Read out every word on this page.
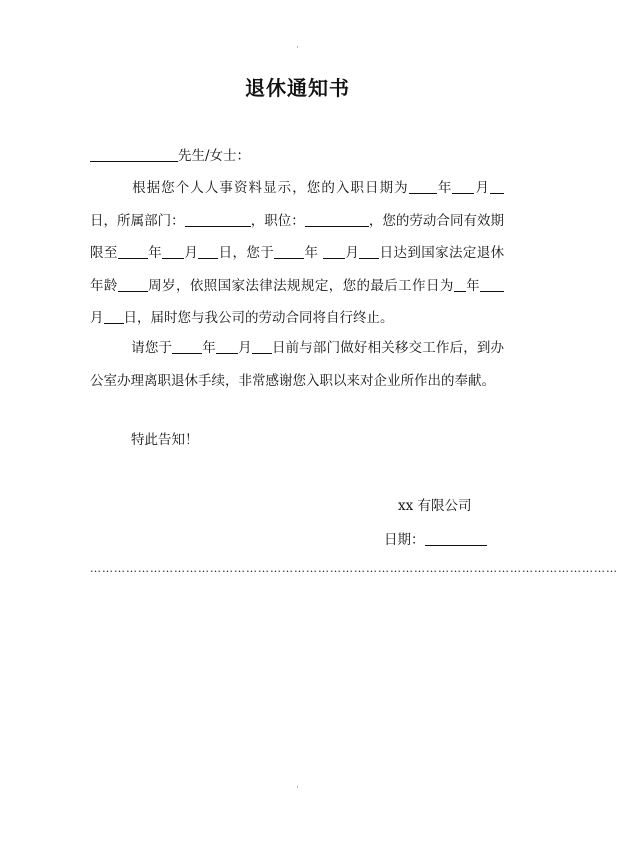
·
退休通知书
先生/女士：
根据您个人人事资料显示，您的入职日期为 年 月日，所属部门：	，职位：	，您的劳动合同有效期限至 年 月 日，您于 年 月 日达到国家法定退休年龄 周岁，依照国家法律法规规定，您的最后工作日为 年月 日，届时您与我公司的劳动合同将自行终止。
请您于 年 月 日前与部门做好相关移交工作后，到办公室办理离职退休手续，非常感谢您入职以来对企业所作出的奉献。
特此告知！
xx 有限公司
日期：
……………………………………………………………………………………………………………………
·
